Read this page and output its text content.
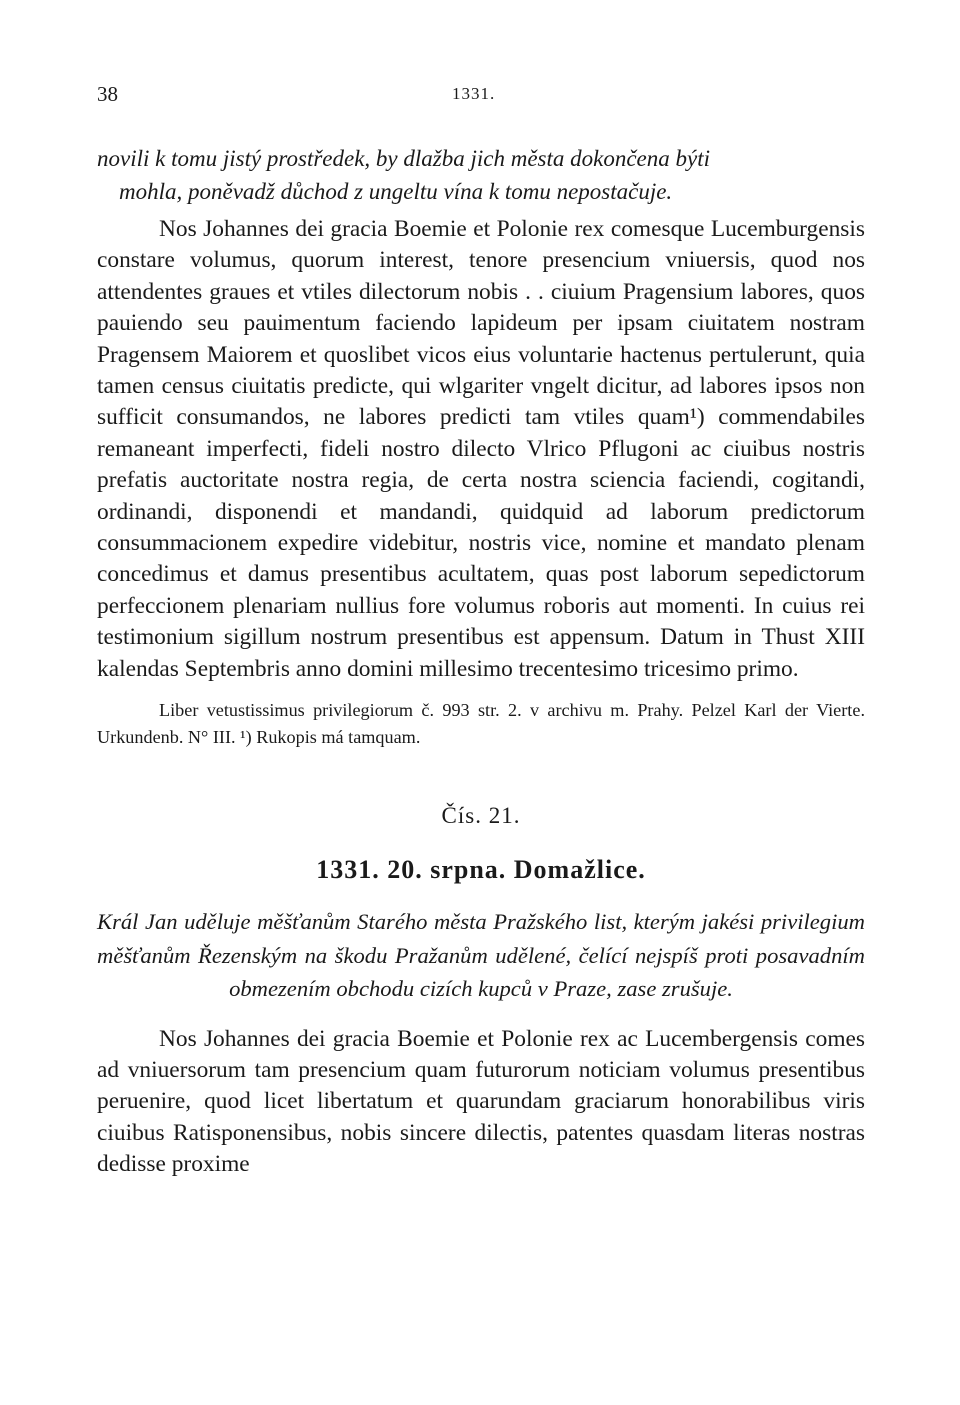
38	1331.
novili k tomu jistý prostředek, by dlažba jich města dokončena býti
mohla, poněvadž důchod z ungeltu vína k tomu nepostačuje.

Nos Johannes dei gracia Boemie et Polonie rex comesque Lucemburgensis constare volumus, quorum interest, tenore presencium vniuersis, quod nos attendentes graues et vtiles dilectorum nobis . . ciuium Pragensium labores, quos pauiendo seu pauimentum faciendo lapideum per ipsam ciuitatem nostram Pragensem Maiorem et quoslibet vicos eius voluntarie hactenus pertulerunt, quia tamen census ciuitatis predicte, qui wlgariter vngelt dicitur, ad labores ipsos non sufficit consumandos, ne labores predicti tam vtiles quam¹) commendabiles remaneant imperfecti, fideli nostro dilecto Vlrico Pflugoni ac ciuibus nostris prefatis auctoritate nostra regia, de certa nostra sciencia faciendi, cogitandi, ordinandi, disponendi et mandandi, quidquid ad laborum predictorum consummacionem expedire videbitur, nostris vice, nomine et mandato plenam concedimus et damus presentibus acultatem, quas post laborum sepedictorum perfeccionem plenariam nullius fore volumus roboris aut momenti. In cuius rei testimonium sigillum nostrum presentibus est appensum. Datum in Thust XIII kalendas Septembris anno domini millesimo trecentesimo tricesimo primo.

Liber vetustissimus privilegiorum č. 993 str. 2. v archivu m. Prahy. Pelzel Karl der Vierte. Urkundenb. N° III. ¹) Rukopis má tamquam.

Čís. 21.
1331. 20. srpna. Domažlice.
Král Jan uděluje měšťanům Starého města Pražského list, kterým jakési privilegium měšťanům Řezenským na škodu Pražanům udělené, čelící nejspíš proti posavadním obmezením obchodu cizích kupců v Praze, zase zrušuje.

Nos Johannes dei gracia Boemie et Polonie rex ac Lucembergensis comes ad vniuersorum tam presencium quam futurorum noticiam volumus presentibus peruenire, quod licet libertatum et quarundam graciarum honorabilibus viris ciuibus Ratisponensibus, nobis sincere dilectis, patentes quasdam literas nostras dedisse proxime
